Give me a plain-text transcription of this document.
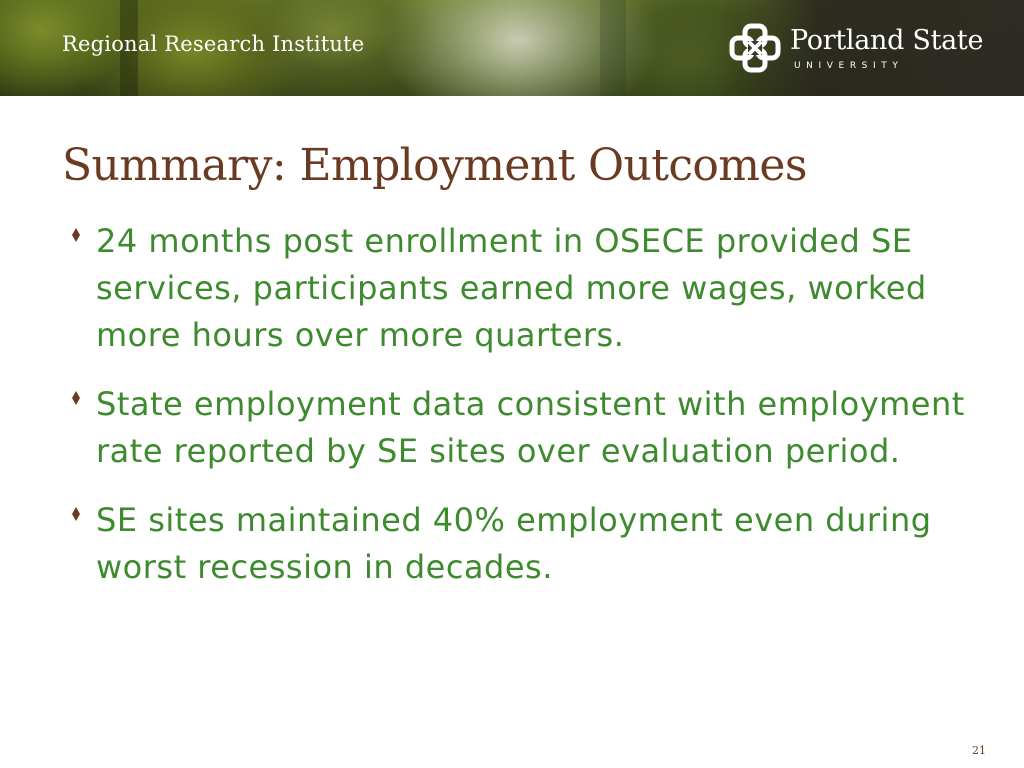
Regional Research Institute	Portland State
UNIVERSITY
Summary: Employment Outcomes
24 months post enrollment in OSECE provided SE services, participants earned more wages, worked more hours over more quarters.
State employment data consistent with employment rate reported by SE sites over evaluation period.
SE sites maintained 40% employment even during worst recession in decades.
21
